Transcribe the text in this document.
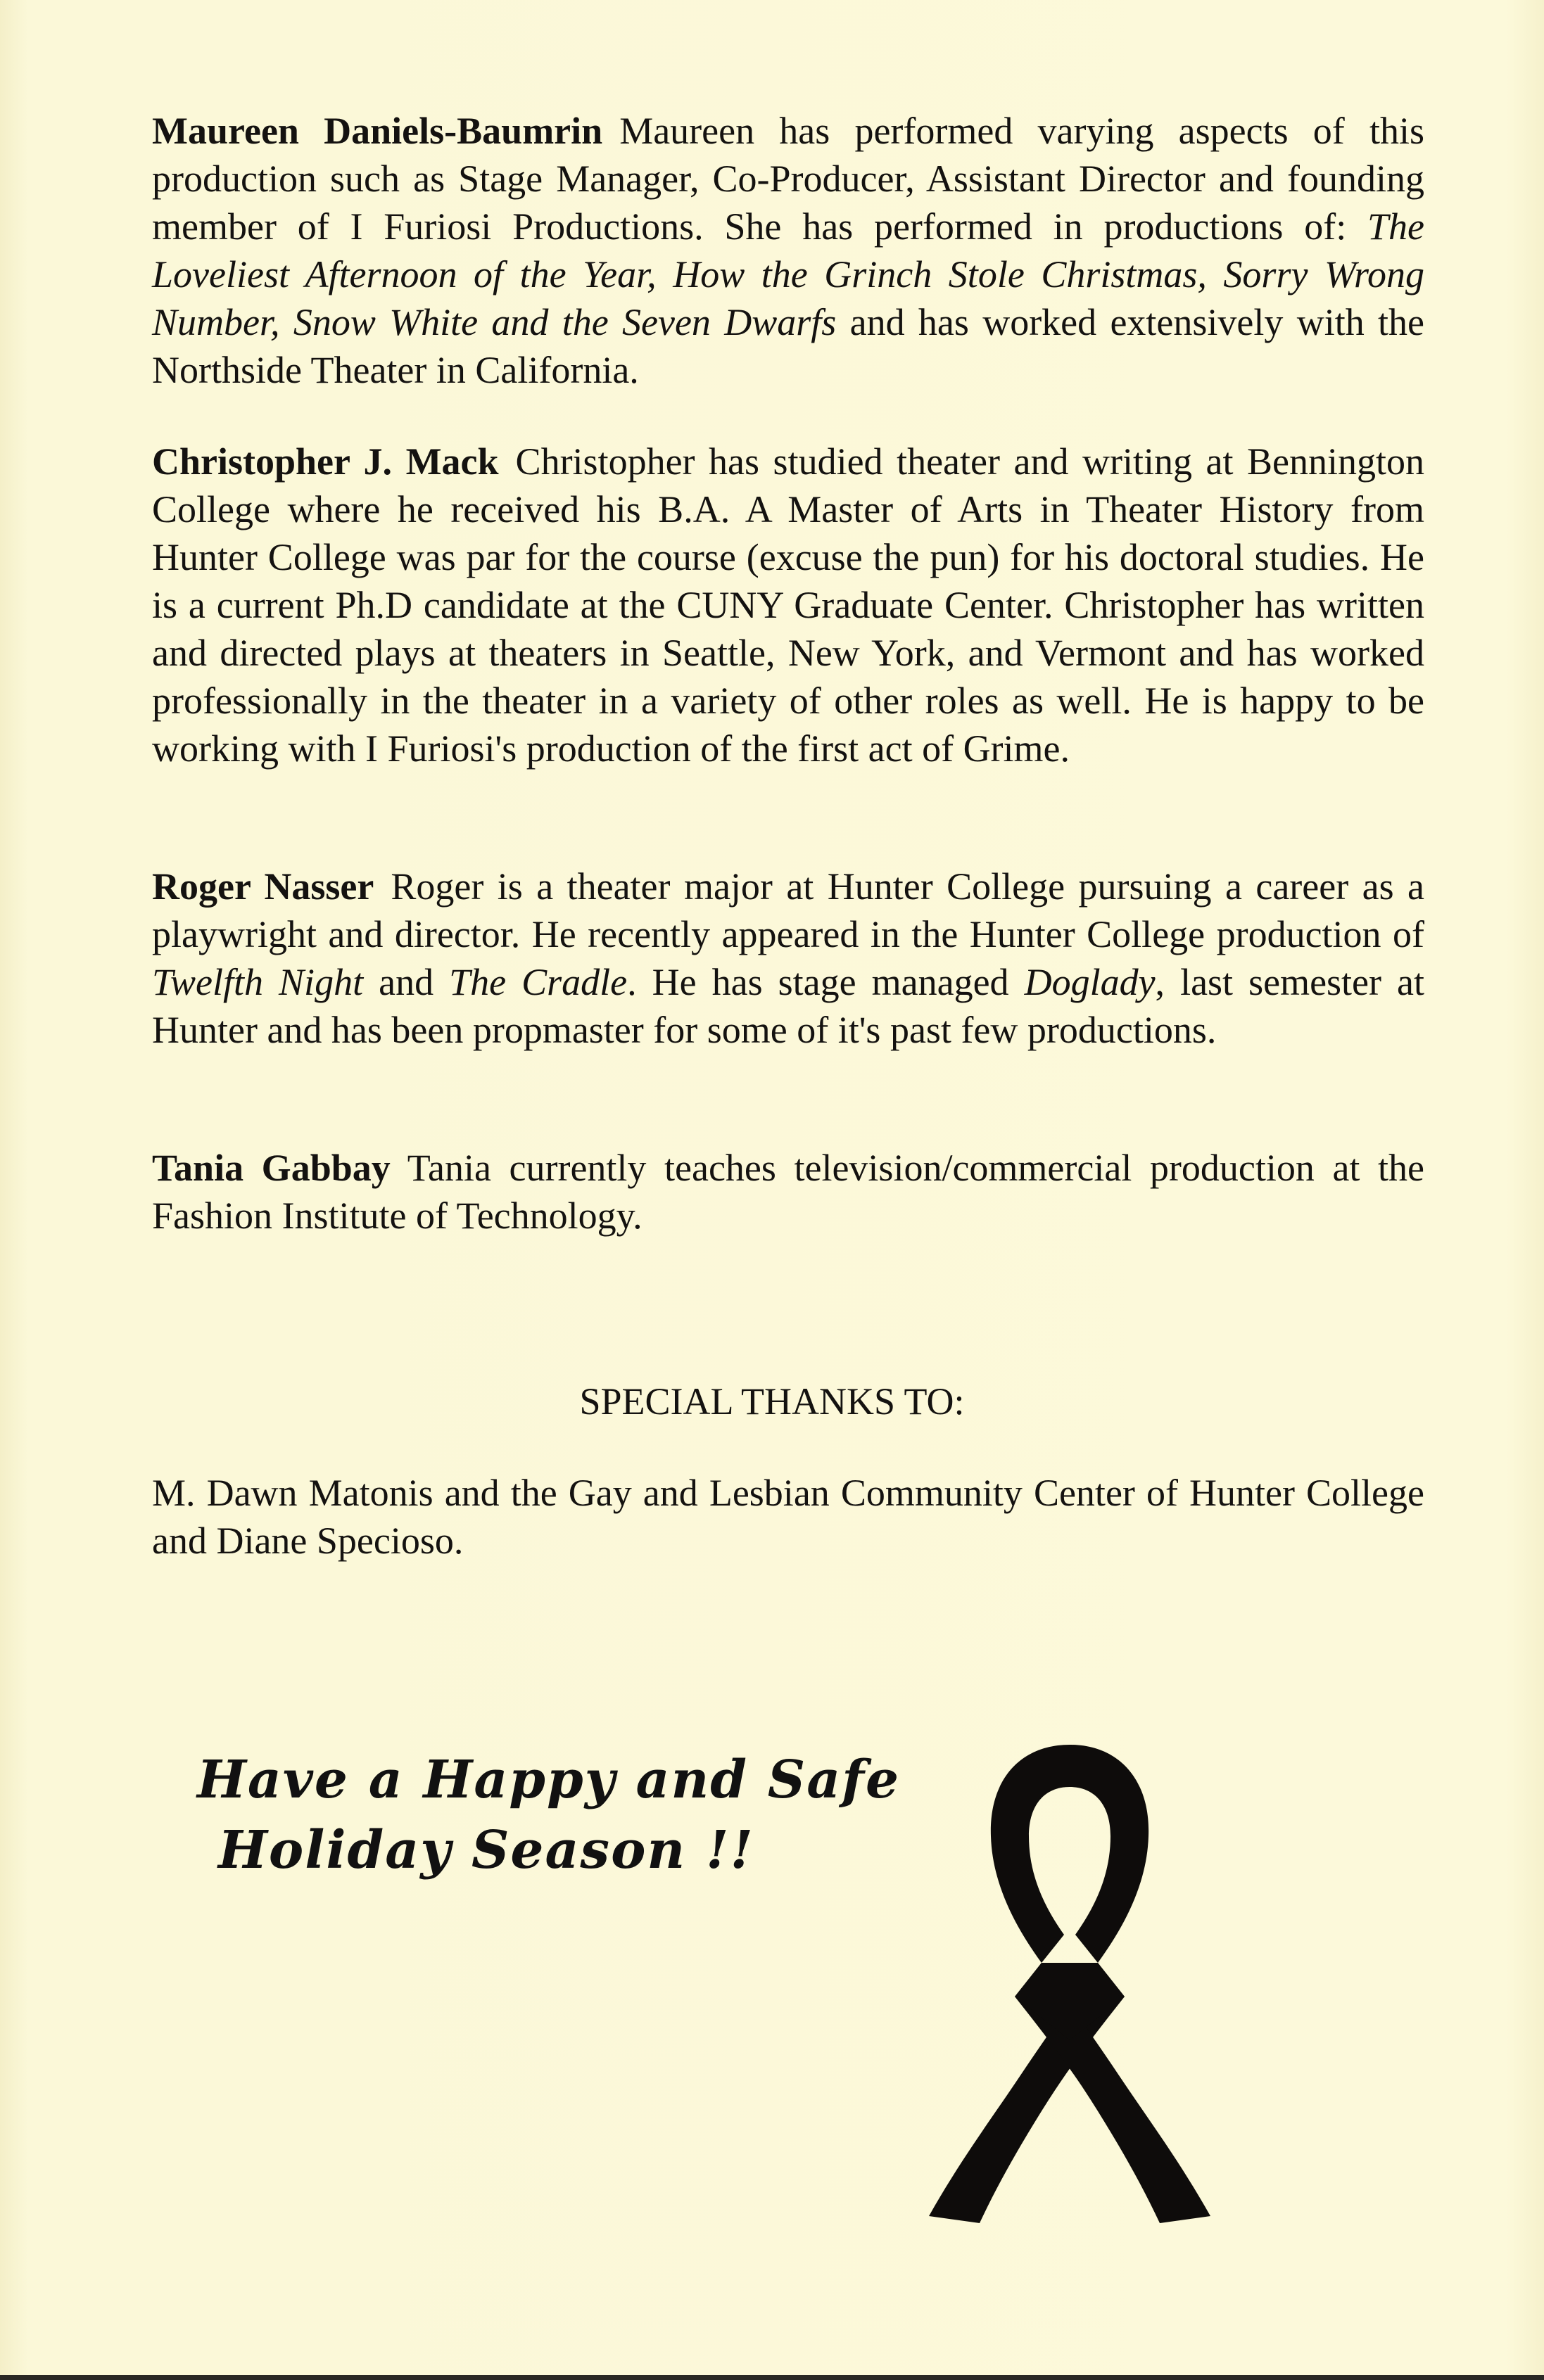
Maureen Daniels-Baumrin Maureen has performed varying aspects of this production such as Stage Manager, Co-Producer, Assistant Director and founding member of I Furiosi Productions. She has performed in productions of: The Loveliest Afternoon of the Year, How the Grinch Stole Christmas, Sorry Wrong Number, Snow White and the Seven Dwarfs and has worked extensively with the Northside Theater in California.

Christopher J. Mack Christopher has studied theater and writing at Bennington College where he received his B.A. A Master of Arts in Theater History from Hunter College was par for the course (excuse the pun) for his doctoral studies. He is a current Ph.D candidate at the CUNY Graduate Center. Christopher has written and directed plays at theaters in Seattle, New York, and Vermont and has worked professionally in the theater in a variety of other roles as well. He is happy to be working with I Furiosi's production of the first act of Grime.

Roger Nasser Roger is a theater major at Hunter College pursuing a career as a playwright and director. He recently appeared in the Hunter College production of Twelfth Night and The Cradle. He has stage managed Doglady, last semester at Hunter and has been propmaster for some of it's past few productions.

Tania Gabbay Tania currently teaches television/commercial production at the Fashion Institute of Technology.

SPECIAL THANKS TO:

M. Dawn Matonis and the Gay and Lesbian Community Center of Hunter College and Diane Specioso.

Have a Happy and Safe
Holiday Season !!
